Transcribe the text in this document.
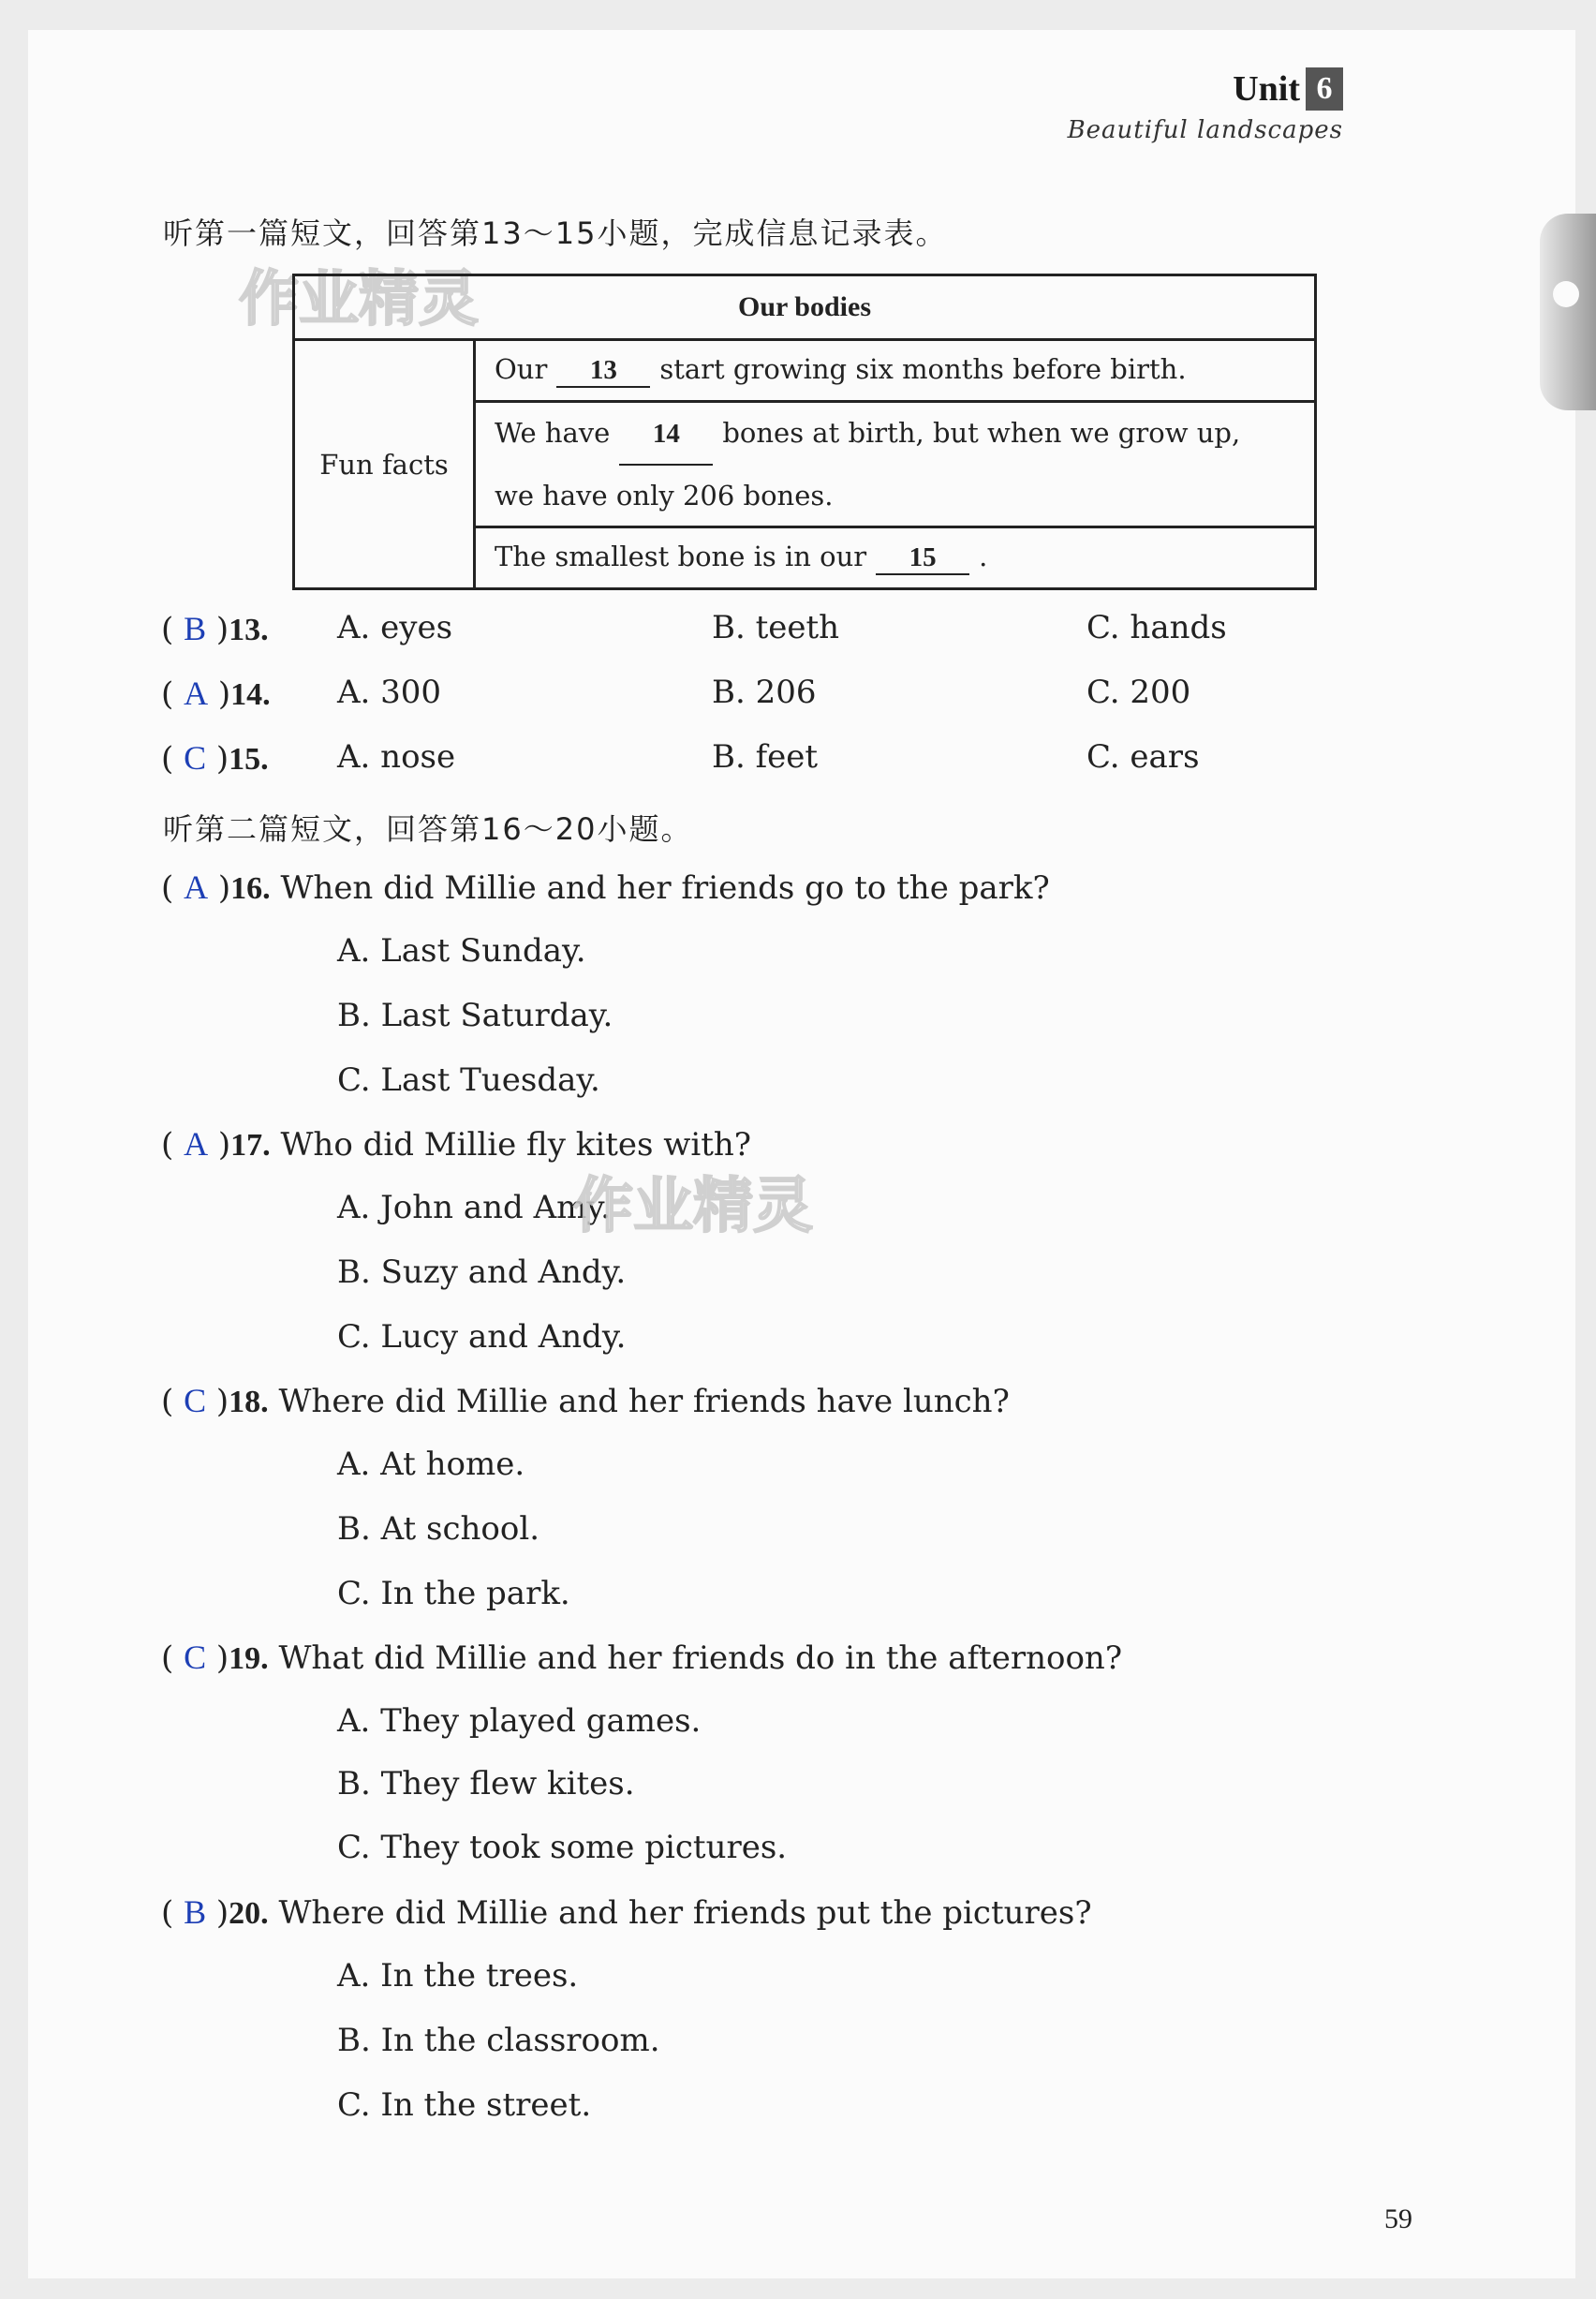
Unit 6
Beautiful landscapes
听第一篇短文，回答第13～15小题，完成信息记录表。
作业精灵	Our bodies
Fun facts	Our 13 start growing six months before birth.
We have 14 bones at birth, but when we grow up,
we have only 206 bones.
The smallest bone is in our 15 .
( B )13. A. eyes	B. teeth	C. hands
( A )14. A. 300	B. 206	C. 200
( C )15. A. nose	B. feet	C. ears
听第二篇短文，回答第16～20小题。
( A )16. When did Millie and her friends go to the park?
A. Last Sunday.
B. Last Saturday.
C. Last Tuesday.
( A )17. Who did Millie fly kites with?
A. John and Amy.
B. Suzy and Andy.
C. Lucy and Andy.
作业精灵
( C )18. Where did Millie and her friends have lunch?
A. At home.
B. At school.
C. In the park.
( C )19. What did Millie and her friends do in the afternoon?
A. They played games.
B. They flew kites.
C. They took some pictures.
( B )20. Where did Millie and her friends put the pictures?
A. In the trees.
B. In the classroom.
C. In the street.
59
